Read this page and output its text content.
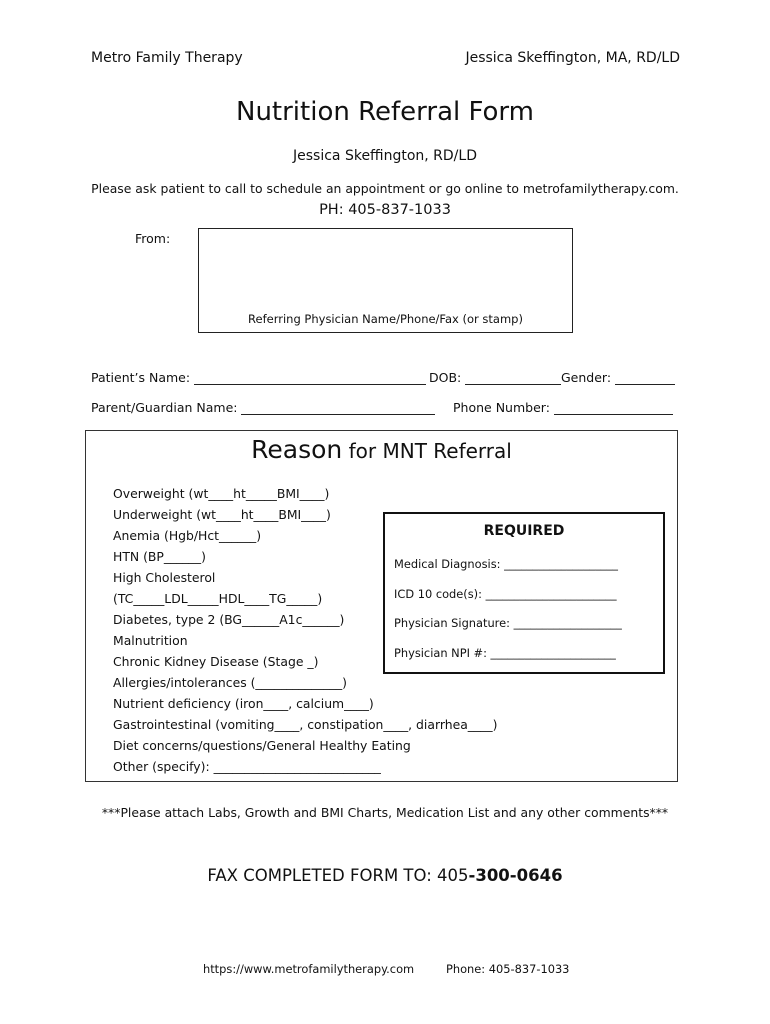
Metro Family Therapy	Jessica Skeffington, MA, RD/LD
Nutrition Referral Form
Jessica Skeffington, RD/LD
Please ask patient to call to schedule an appointment or go online to metrofamilytherapy.com.
PH: 405-837-1033
From:
Referring Physician Name/Phone/Fax (or stamp)
Patient’s Name:	DOB:	Gender:
Parent/Guardian Name:	Phone Number:
Reason for MNT Referral
Overweight (wt____ht_____BMI____)
Underweight (wt____ht____BMI____)
Anemia (Hgb/Hct______)
HTN (BP______)
High Cholesterol
(TC_____LDL_____HDL____TG_____)
Diabetes, type 2 (BG______A1c______)
Malnutrition
Chronic Kidney Disease (Stage _)
Allergies/intolerances (______________)
Nutrient deficiency (iron____, calcium____)
Gastrointestinal (vomiting____, constipation____, diarrhea____)
Diet concerns/questions/General Healthy Eating
Other (specify): ___________________________
REQUIRED
Medical Diagnosis: ____________________
ICD 10 code(s): _______________________
Physician Signature: ___________________
Physician NPI #: ______________________
***Please attach Labs, Growth and BMI Charts, Medication List and any other comments***
FAX COMPLETED FORM TO: 405-300-0646
https://www.metrofamilytherapy.com	Phone: 405-837-1033
